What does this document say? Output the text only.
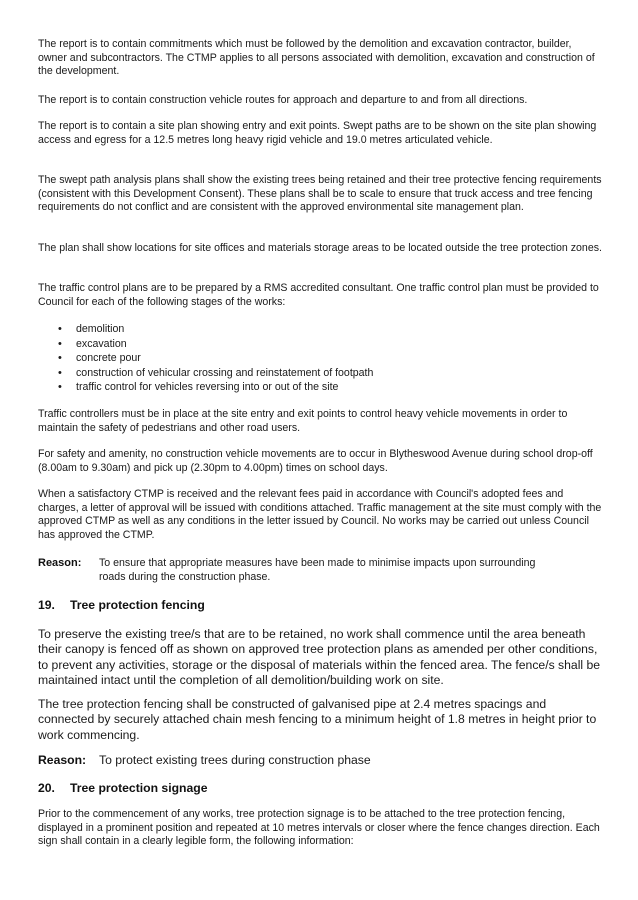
The report is to contain commitments which must be followed by the demolition and excavation contractor, builder, owner and subcontractors. The CTMP applies to all persons associated with demolition, excavation and construction of the development.

The report is to contain construction vehicle routes for approach and departure to and from all directions.

The report is to contain a site plan showing entry and exit points. Swept paths are to be shown on the site plan showing access and egress for a 12.5 metres long heavy rigid vehicle and 19.0 metres articulated vehicle.

The swept path analysis plans shall show the existing trees being retained and their tree protective fencing requirements (consistent with this Development Consent). These plans shall be to scale to ensure that truck access and tree fencing requirements do not conflict and are consistent with the approved environmental site management plan.

The plan shall show locations for site offices and materials storage areas to be located outside the tree protection zones.

The traffic control plans are to be prepared by a RMS accredited consultant. One traffic control plan must be provided to Council for each of the following stages of the works:

• demolition
• excavation
• concrete pour
• construction of vehicular crossing and reinstatement of footpath
• traffic control for vehicles reversing into or out of the site

Traffic controllers must be in place at the site entry and exit points to control heavy vehicle movements in order to maintain the safety of pedestrians and other road users.

For safety and amenity, no construction vehicle movements are to occur in Blytheswood Avenue during school drop-off (8.00am to 9.30am) and pick up (2.30pm to 4.00pm) times on school days.

When a satisfactory CTMP is received and the relevant fees paid in accordance with Council's adopted fees and charges, a letter of approval will be issued with conditions attached. Traffic management at the site must comply with the approved CTMP as well as any conditions in the letter issued by Council. No works may be carried out unless Council has approved the CTMP.

Reason: To ensure that appropriate measures have been made to minimise impacts upon surrounding
roads during the construction phase.
19. Tree protection fencing

To preserve the existing tree/s that are to be retained, no work shall commence until the area beneath their canopy is fenced off as shown on approved tree protection plans as amended per other conditions, to prevent any activities, storage or the disposal of materials within the fenced area. The fence/s shall be maintained intact until the completion of all demolition/building work on site.

The tree protection fencing shall be constructed of galvanised pipe at 2.4 metres spacings and connected by securely attached chain mesh fencing to a minimum height of 1.8 metres in height prior to work commencing.

Reason: To protect existing trees during construction phase
20. Tree protection signage

Prior to the commencement of any works, tree protection signage is to be attached to the tree protection fencing, displayed in a prominent position and repeated at 10 metres intervals or closer where the fence changes direction. Each sign shall contain in a clearly legible form, the following information:
